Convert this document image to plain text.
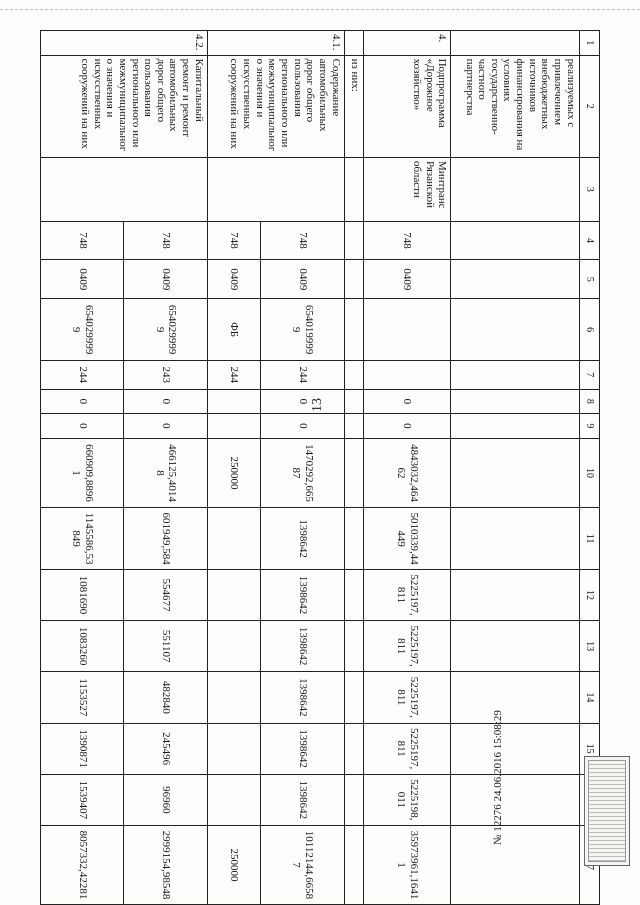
13
1	2	3	4	5	6	7	8	9	10	11	12	13	14	15		
	реализуемых с привлечением внебюджетных источников финансирования на условиях государственно-частного партнерства															
4.	Подпрограмма «Дорожное хозяйство»	Минтранс Рязанской области	748	0409			0	0	4843032,46462	5010339,44449	5225197,811	5225197,811	5225197,811	5225197,811	5225198,011	35973961,16411
	из них:															
4.1.	Содержание автомобильных дорог общего пользования регионального или межмуниципального значения и искусственных сооружений на них		748	0409	6540199999	244	0	0	1470292,66587	1398642	1398642	1398642	1398642	1398642	1398642	10112144,66587
			748	0409	ФБ	244			250000							250000
4.2.	Капитальный ремонт и ремонт автомобильных дорог общего пользования регионального или межмуниципального значения и искусственных сооружений на них		748	0409	6540299999	243	0	0	466125,40148	601949,584	554677	551107	482840	245496	96960	2999154,98548
			748	0409	6540299999	244	0	0	660909,88961	1145586,53849	1081690	1083260	1153527	1390871	1539407	8057332,42281
№ 12276 24.06.2016 15:08:29
